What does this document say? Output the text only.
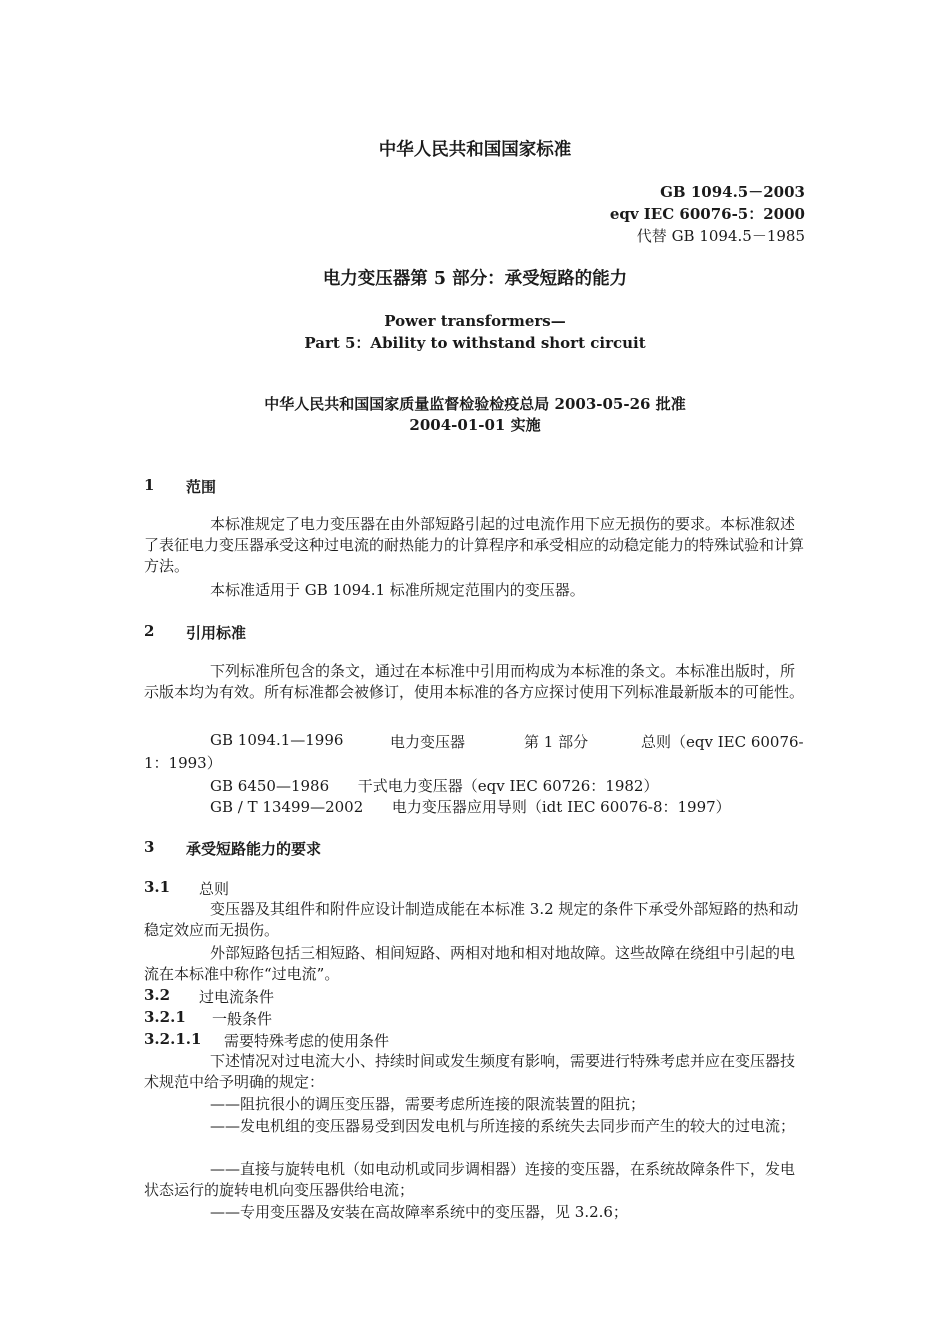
中华人民共和国国家标准
GB 1094.5－2003
eqv IEC 60076-5：2000
代替 GB 1094.5－1985
电力变压器第 5 部分：承受短路的能力
Power transformers—
Part 5：Ability to withstand short circuit
中华人民共和国国家质量监督检验检疫总局 2003-05-26 批准
2004-01-01 实施
1 范围
本标准规定了电力变压器在由外部短路引起的过电流作用下应无损伤的要求。本标准叙述了表征电力变压器承受这种过电流的耐热能力的计算程序和承受相应的动稳定能力的特殊试验和计算方法。
本标准适用于 GB 1094.1 标准所规定范围内的变压器。
2 引用标准
下列标准所包含的条文，通过在本标准中引用而构成为本标准的条文。本标准出版时，所示版本均为有效。所有标准都会被修订，使用本标准的各方应探讨使用下列标准最新版本的可能性。
GB 1094.1—1996	电力变压器	第 1 部分	总则（eqv IEC 60076-
1：1993）
GB 6450—1986      干式电力变压器（eqv IEC 60726：1982）
GB / T 13499—2002      电力变压器应用导则（idt IEC 60076-8：1997）
3 承受短路能力的要求
3.1 总则
变压器及其组件和附件应设计制造成能在本标准 3.2 规定的条件下承受外部短路的热和动稳定效应而无损伤。
外部短路包括三相短路、相间短路、两相对地和相对地故障。这些故障在绕组中引起的电流在本标准中称作“过电流”。
3.2 过电流条件
3.2.1 一般条件
3.2.1.1 需要特殊考虑的使用条件
下述情况对过电流大小、持续时间或发生频度有影响，需要进行特殊考虑并应在变压器技术规范中给予明确的规定：
——阻抗很小的调压变压器，需要考虑所连接的限流装置的阻抗；
——发电机组的变压器易受到因发电机与所连接的系统失去同步而产生的较大的过电流；
——直接与旋转电机（如电动机或同步调相器）连接的变压器，在系统故障条件下，发电状态运行的旋转电机向变压器供给电流；
——专用变压器及安装在高故障率系统中的变压器，见 3.2.6；
